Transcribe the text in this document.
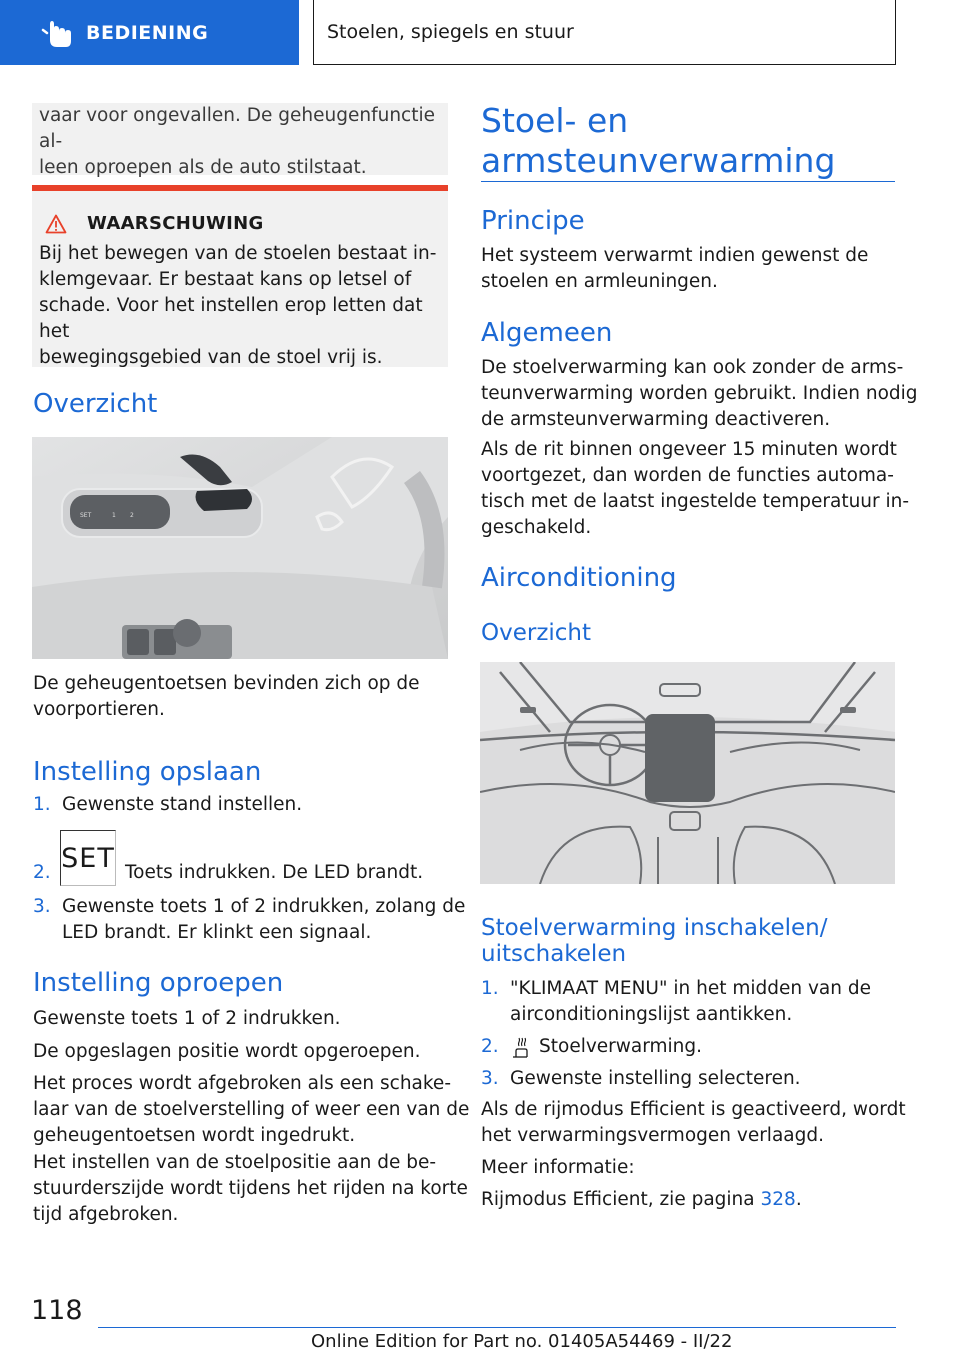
BEDIENING	Stoelen, spiegels en stuur
vaar voor ongevallen. De geheugenfunctie al-
leen oproepen als de auto stilstaat.
WAARSCHUWING
Bij het bewegen van de stoelen bestaat in-
klemgevaar. Er bestaat kans op letsel of
schade. Voor het instellen erop letten dat het
bewegingsgebied van de stoel vrij is.
Overzicht
SET	1 2
De geheugentoetsen bevinden zich op de
voorportieren.
Instelling opslaan
1. Gewenste stand instellen.
2. SET Toets indrukken. De LED brandt.
3. Gewenste toets 1 of 2 indrukken, zolang de
LED brandt. Er klinkt een signaal.
Instelling oproepen
Gewenste toets 1 of 2 indrukken.
De opgeslagen positie wordt opgeroepen.
Het proces wordt afgebroken als een schake-
laar van de stoelverstelling of weer een van de
geheugentoetsen wordt ingedrukt.
Het instellen van de stoelpositie aan de be-
stuurderszijde wordt tijdens het rijden na korte
tijd afgebroken.
Stoel- en
armsteunverwarming
Principe
Het systeem verwarmt indien gewenst de
stoelen en armleuningen.
Algemeen
De stoelverwarming kan ook zonder de arms-
teunverwarming worden gebruikt. Indien nodig
de armsteunverwarming deactiveren.
Als de rit binnen ongeveer 15 minuten wordt
voortgezet, dan worden de functies automa-
tisch met de laatst ingestelde temperatuur in-
geschakeld.
Airconditioning
Overzicht
Stoelverwarming inschakelen/
uitschakelen
1. "KLIMAAT MENU" in het midden van de
airconditioningslijst aantikken.
2. Stoelverwarming.
3. Gewenste instelling selecteren.
Als de rijmodus Efficient is geactiveerd, wordt
het verwarmingsvermogen verlaagd.
Meer informatie:
Rijmodus Efficient, zie pagina 328.
118
Online Edition for Part no. 01405A54469 - II/22
